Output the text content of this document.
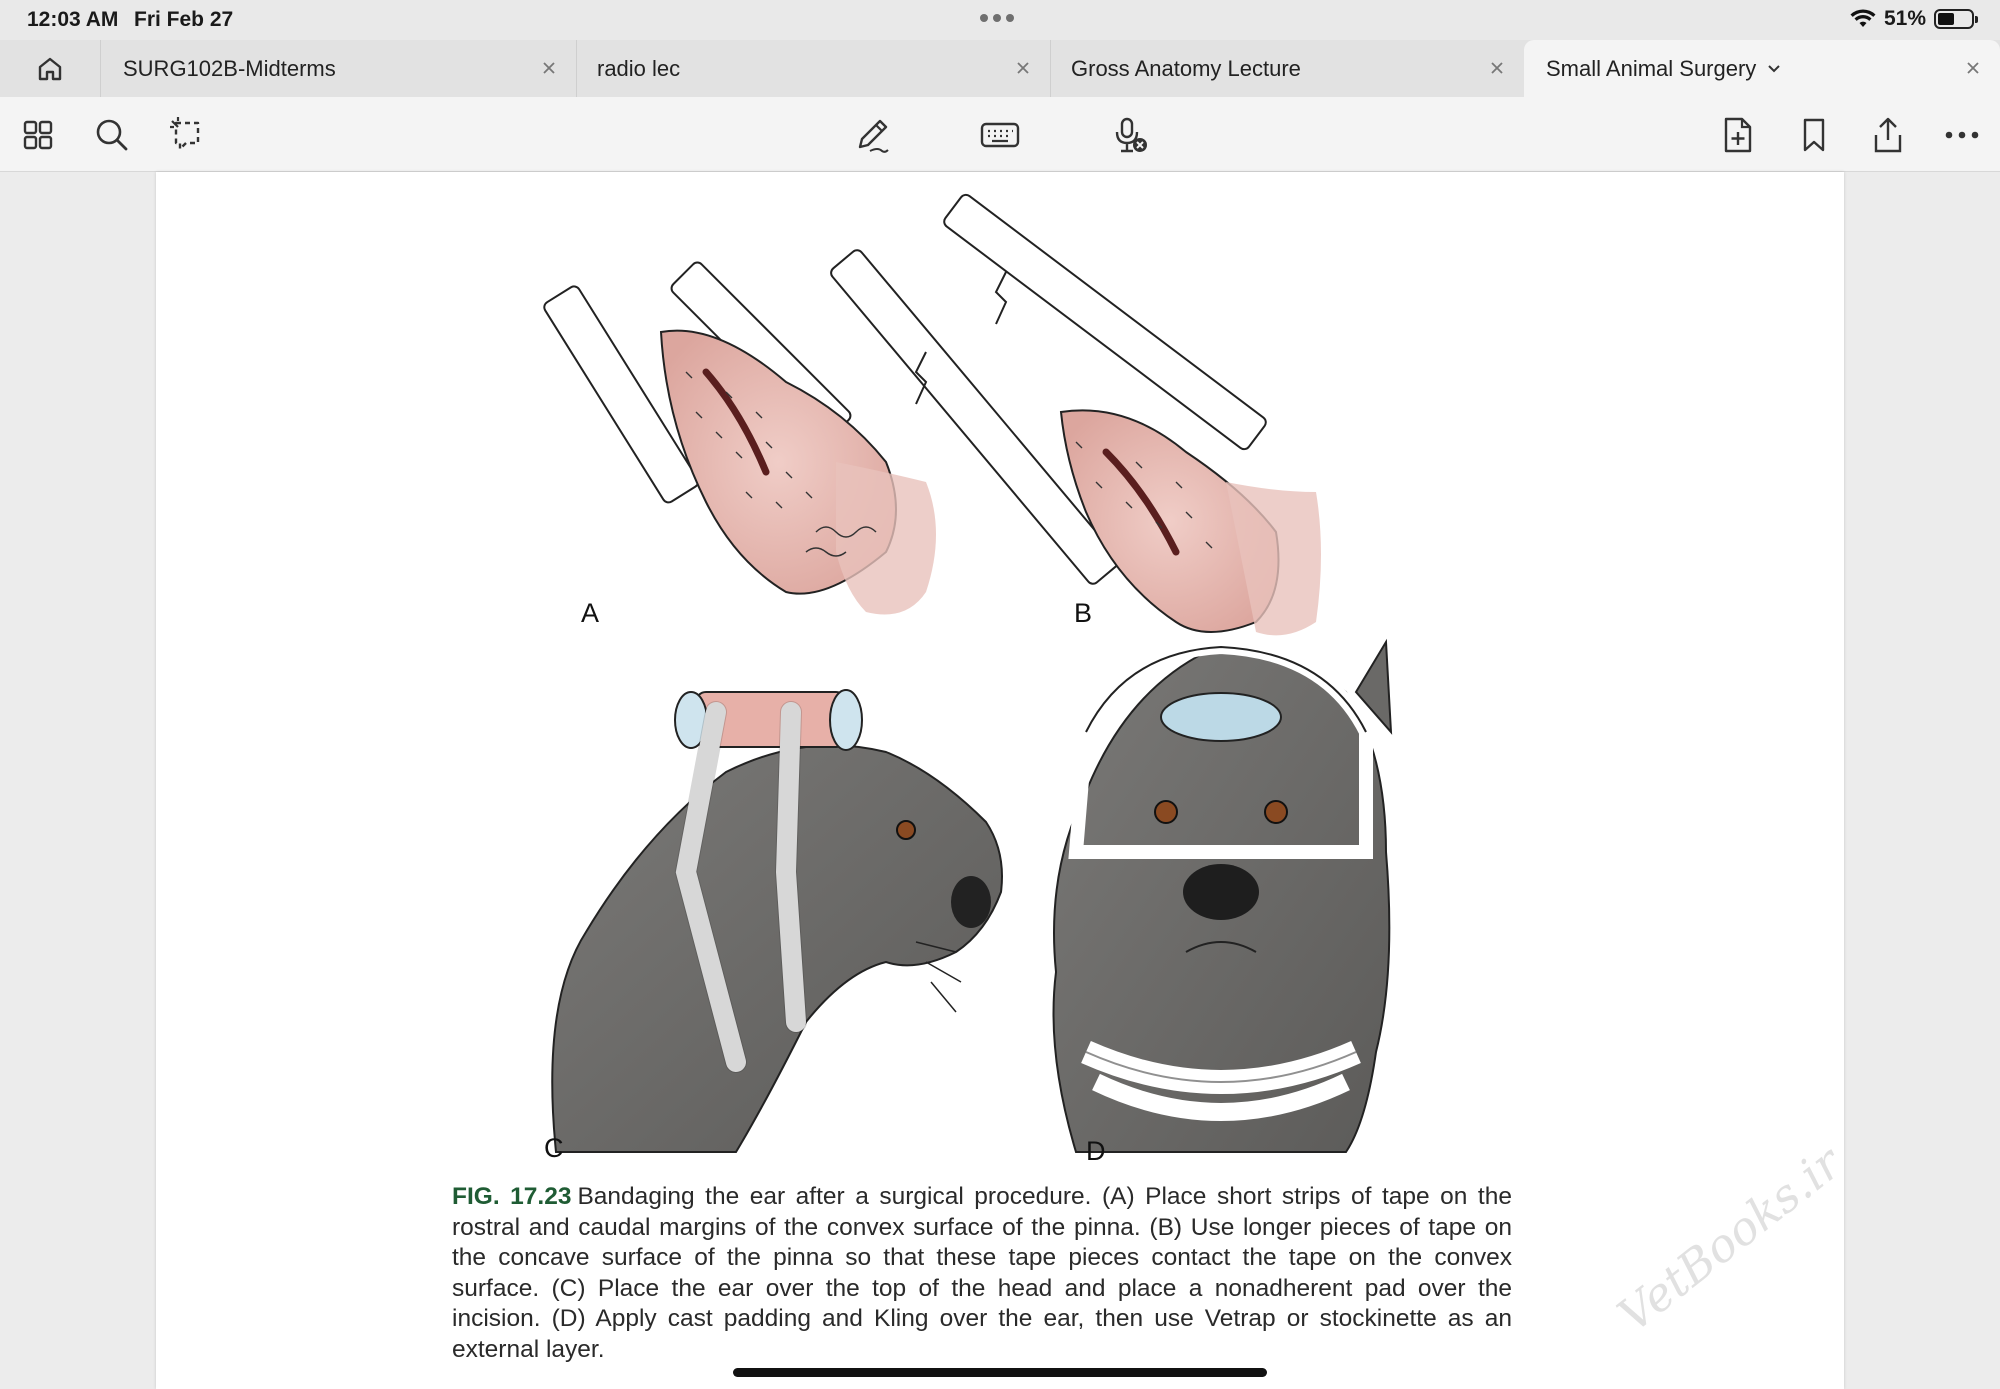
12:03 AM Fri Feb 27	51%
SURG102B-Midterms	radio lec	Gross Anatomy Lecture	Small Animal Surgery
A	B
C	D

FIG. 17.23 Bandaging the ear after a surgical procedure. (A) Place short strips of tape on the rostral and caudal margins of the convex surface of the pinna. (B) Use longer pieces of tape on the concave surface of the pinna so that these tape pieces contact the tape on the convex surface. (C) Place the ear over the top of the head and place a nonadherent pad over the incision. (D) Apply cast padding and Kling over the ear, then use Vetrap or stockinette as an external layer.

VetBooks.ir
